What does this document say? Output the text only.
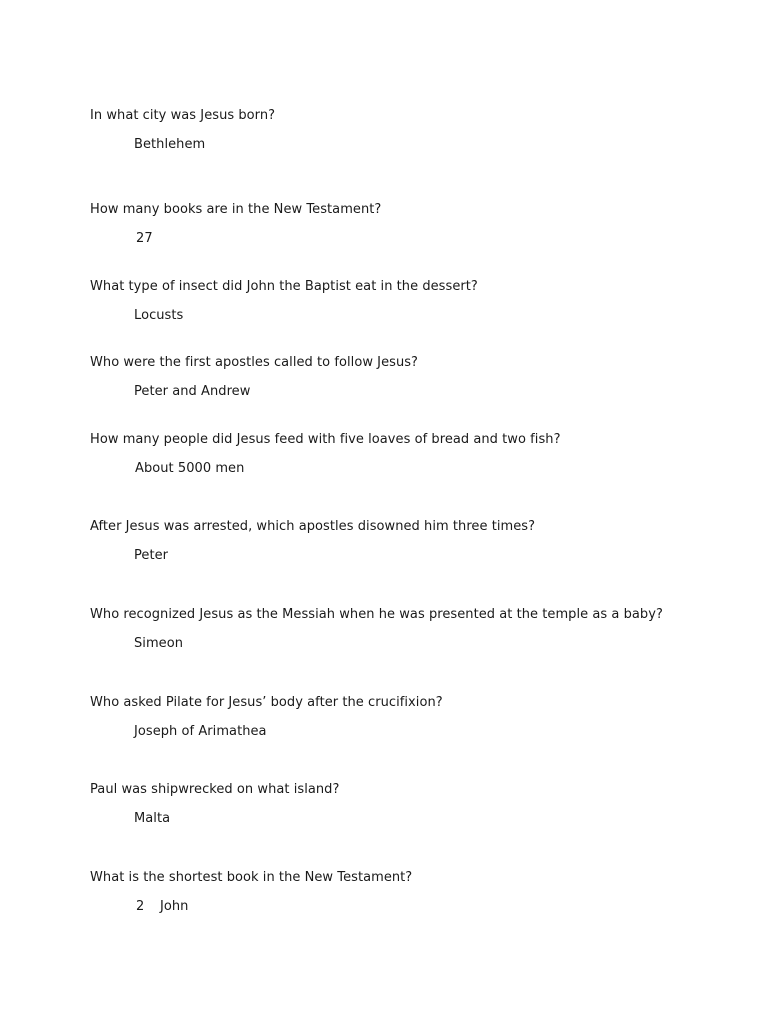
In what city was Jesus born?
Bethlehem
How many books are in the New Testament?
27
What type of insect did John the Baptist eat in the dessert?
Locusts
Who were the first apostles called to follow Jesus?
Peter and Andrew
How many people did Jesus feed with five loaves of bread and two fish?
About 5000 men
After Jesus was arrested, which apostles disowned him three times?
Peter
Who recognized Jesus as the Messiah when he was presented at the temple as a baby?
Simeon
Who asked Pilate for Jesus’ body after the crucifixion?
Joseph of Arimathea
Paul was shipwrecked on what island?
Malta
What is the shortest book in the New Testament?
2 John
